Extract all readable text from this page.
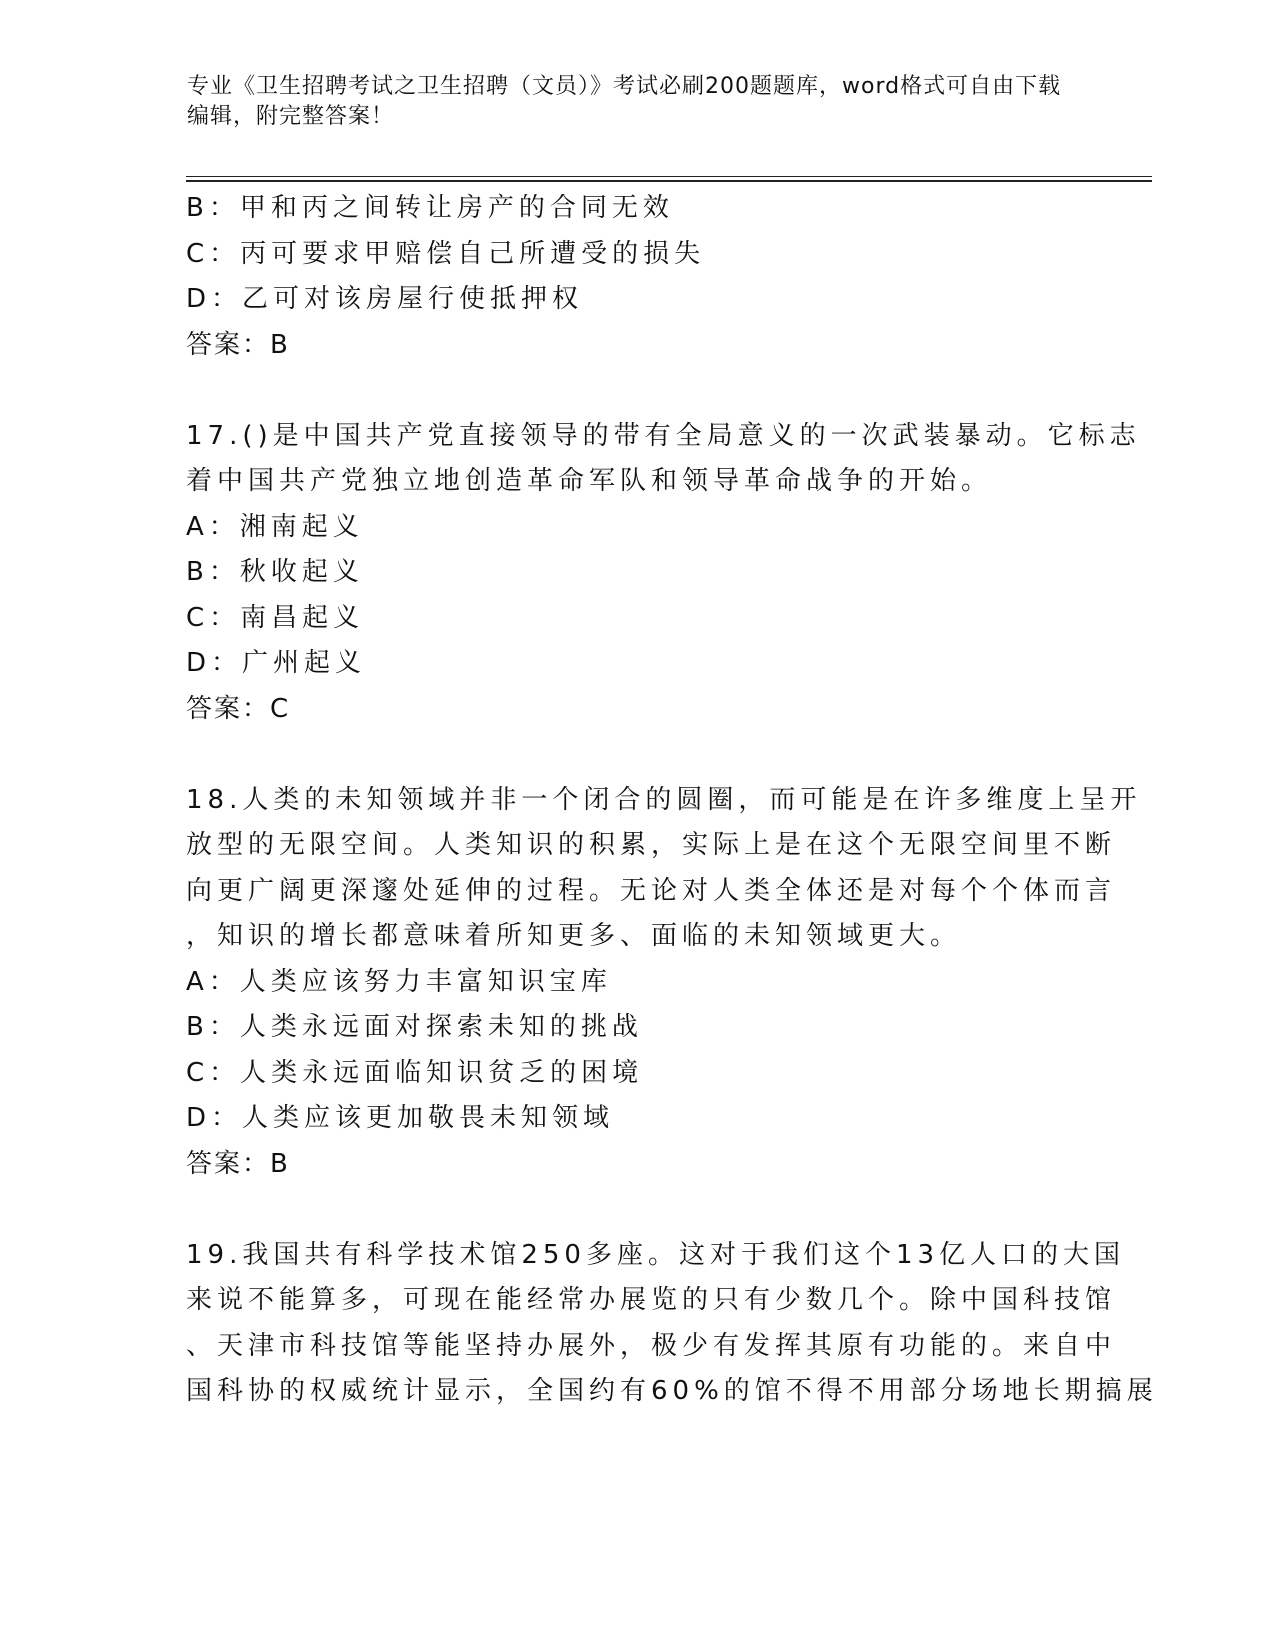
专业《卫生招聘考试之卫生招聘（文员）》考试必刷200题题库，word格式可自由下载编辑，附完整答案！
B：甲和丙之间转让房产的合同无效
C：丙可要求甲赔偿自己所遭受的损失
D：乙可对该房屋行使抵押权
答案：B
17.()是中国共产党直接领导的带有全局意义的一次武装暴动。它标志
着中国共产党独立地创造革命军队和领导革命战争的开始。
A：湘南起义
B：秋收起义
C：南昌起义
D：广州起义
答案：C
18.人类的未知领域并非一个闭合的圆圈，而可能是在许多维度上呈开
放型的无限空间。人类知识的积累，实际上是在这个无限空间里不断
向更广阔更深邃处延伸的过程。无论对人类全体还是对每个个体而言
，知识的增长都意味着所知更多、面临的未知领域更大。
A：人类应该努力丰富知识宝库
B：人类永远面对探索未知的挑战
C：人类永远面临知识贫乏的困境
D：人类应该更加敬畏未知领域
答案：B
19.我国共有科学技术馆250多座。这对于我们这个13亿人口的大国
来说不能算多，可现在能经常办展览的只有少数几个。除中国科技馆
、天津市科技馆等能坚持办展外，极少有发挥其原有功能的。来自中
国科协的权威统计显示，全国约有60%的馆不得不用部分场地长期搞展
